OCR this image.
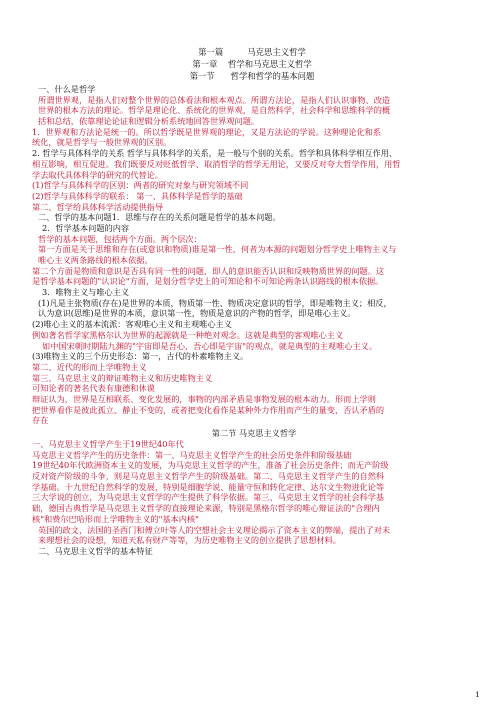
第一篇         马克思主义哲学
第一章    哲学和马克思主义哲学
第一节      哲学和哲学的基本问题
一、什么是哲学
所谓世界观，是指人们对整个世界的总体看法和根本观点。所谓方法论，是指人们认识事物、改造
世界的根本方法的理论。哲学是理论化、系统化的世界观，是自然科学，社会科学和思维科学的概
括和总结，依靠理论论证和逻辑分析系统地回答世界观问题。
1．世界观和方法论是统一的。所以哲学既是世界观的理论，又是方法论的学说。这种理论化和系
统化，就是哲学与一般世界观的区别。
2. 哲学与具体科学的关系 哲学与具体科学的关系，是一般与个别的关系。哲学和具体科学相互作用、
相互影响，相互促进。我们既要反对贬低哲学、取消哲学的哲学无用论，又要反对夸大哲学作用，用哲
学去取代具体科学的研究的代替论。
(1)哲学与具体科学的区别：两者的研究对象与研究领域不同
(2)哲学与具体科学的联系： 第一、具体科学是哲学的基础
第二、哲学给具体科学活动提供指导
二、哲学的基本问题1．思维与存在的关系问题是哲学的基本问题。
2．哲学基本问题的内容
哲学的基本问题，包括两个方面。两个层次：
第一方面是关于思维和存在(或意识和物质)谁是第一性，何者为本源的问题划分哲学史上唯物主义与
唯心主义两条路线的根本依据。
第二个方面是物质和意识是否具有同一性的问题，即人的意识能否认识和反映物质世界的问题。这
是哲学基本问题的"认识论"方面，是划分哲学史上的可知论和不可知论两条认识路线的根本依据。
3．唯物主义与唯心主义
(1)凡是主张物质(存在)是世界的本质，物质第一性、物质决定意识的哲学，即是唯物主义；相反，
认为意识(思维)是世界的本质，意识第一性，物质是意识的产物的哲学，即是唯心主义。
(2)唯心主义的基本流派：客观唯心主义和主观唯心主义
例如著名哲学家黑格尔认为世界的起源就是一种绝对观念。这就是典型的客观唯心主义
如中国宋朝时期陆九渊的"宇宙即是吾心，吾心即是宇宙"的观点，就是典型的主观唯心主义。
(3)唯物主义的三个历史形态：第一，古代的朴素唯物主义。
第二、近代的形而上学唯物主义
第三、马克思主义的辩证唯物主义和历史唯物主义
可知论者的著名代表有康德和休谟
辩证认为，世界是互相联系、变化发展的，事物的内部矛盾是事物发展的根本动力。形而上学则
把世界看作是彼此孤立、静止不变的，或者把变化看作是某种外力作用而产生的量变，否认矛盾的
存在
第二节 马克思主义哲学
一、马克思主义哲学产生于19世纪40年代
马克思主义哲学产生的历史条件：第一、马克思主义哲学产生的社会历史条件和阶级基础
19世纪40年代欧洲资本主义的发展，为马克思主义哲学的产生，准备了社会历史条件；而无产阶级
反对资产阶级的斗争，则是马克思主义哲学产生的阶级基础。第二、马克思主义哲学产生的自然科
学基础。十九世纪自然科学的发展，特别是细胞学说、能量守恒和转化定律、达尔文生物进化论等
三大学说的创立，为马克思主义哲学的产生提供了科学依据。第三、马克思主义哲学的社会科学基
础，德国古典哲学是马克思主义哲学的直接理论来源，特别是黑格尔哲学的唯心辩证法的"合理内
核"和费尔巴哈形而上学唯物主义的"基本内核"
英国的政文，法国的圣西门和傅立叶等人的空想社会主义理论揭示了资本主义的弊端，提出了对未
来理想社会的设想，知道天私有财产等等，为历史唯物主义的创立提供了思想材料。
二、马克思主义哲学的基本特征
1
